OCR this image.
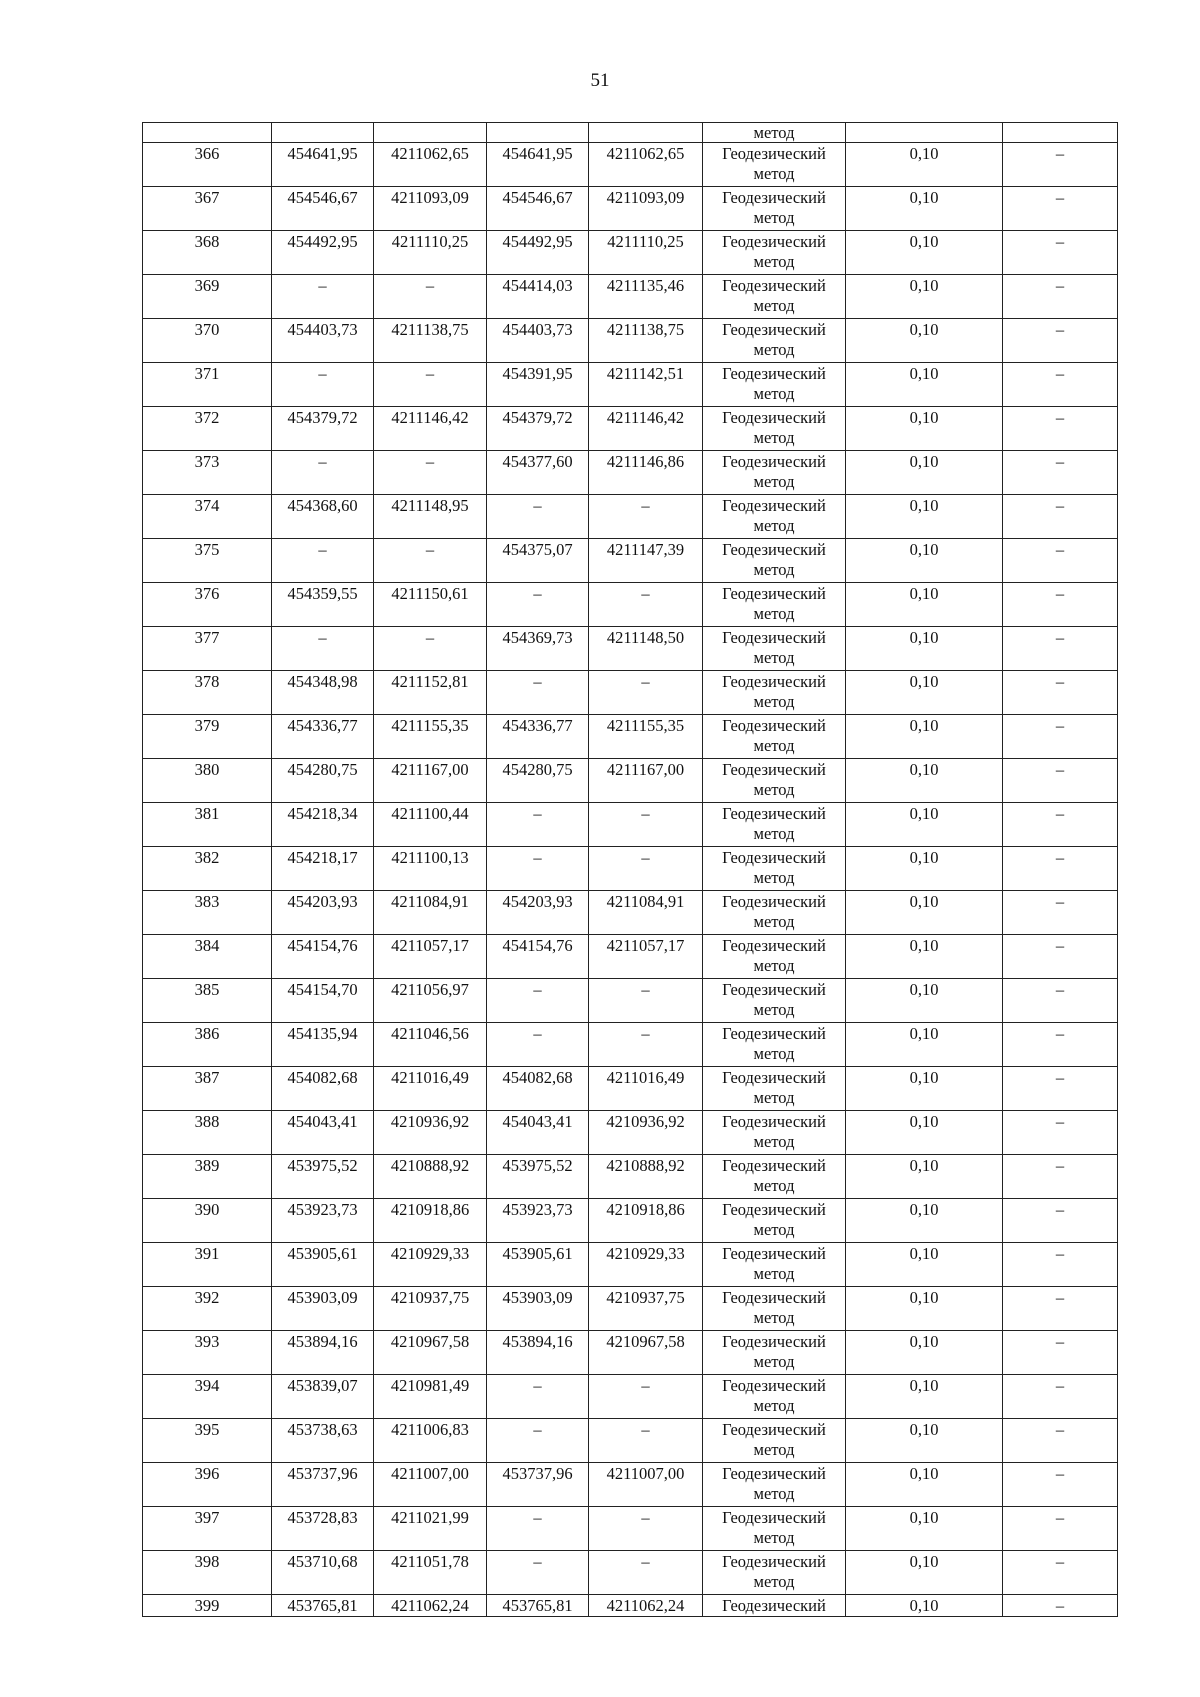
51
					метод		
366	454641,95	4211062,65	454641,95	4211062,65	Геодезический
метод	0,10	–
367	454546,67	4211093,09	454546,67	4211093,09	Геодезический
метод	0,10	–
368	454492,95	4211110,25	454492,95	4211110,25	Геодезический
метод	0,10	–
369	–	–	454414,03	4211135,46	Геодезический
метод	0,10	–
370	454403,73	4211138,75	454403,73	4211138,75	Геодезический
метод	0,10	–
371	–	–	454391,95	4211142,51	Геодезический
метод	0,10	–
372	454379,72	4211146,42	454379,72	4211146,42	Геодезический
метод	0,10	–
373	–	–	454377,60	4211146,86	Геодезический
метод	0,10	–
374	454368,60	4211148,95	–	–	Геодезический
метод	0,10	–
375	–	–	454375,07	4211147,39	Геодезический
метод	0,10	–
376	454359,55	4211150,61	–	–	Геодезический
метод	0,10	–
377	–	–	454369,73	4211148,50	Геодезический
метод	0,10	–
378	454348,98	4211152,81	–	–	Геодезический
метод	0,10	–
379	454336,77	4211155,35	454336,77	4211155,35	Геодезический
метод	0,10	–
380	454280,75	4211167,00	454280,75	4211167,00	Геодезический
метод	0,10	–
381	454218,34	4211100,44	–	–	Геодезический
метод	0,10	–
382	454218,17	4211100,13	–	–	Геодезический
метод	0,10	–
383	454203,93	4211084,91	454203,93	4211084,91	Геодезический
метод	0,10	–
384	454154,76	4211057,17	454154,76	4211057,17	Геодезический
метод	0,10	–
385	454154,70	4211056,97	–	–	Геодезический
метод	0,10	–
386	454135,94	4211046,56	–	–	Геодезический
метод	0,10	–
387	454082,68	4211016,49	454082,68	4211016,49	Геодезический
метод	0,10	–
388	454043,41	4210936,92	454043,41	4210936,92	Геодезический
метод	0,10	–
389	453975,52	4210888,92	453975,52	4210888,92	Геодезический
метод	0,10	–
390	453923,73	4210918,86	453923,73	4210918,86	Геодезический
метод	0,10	–
391	453905,61	4210929,33	453905,61	4210929,33	Геодезический
метод	0,10	–
392	453903,09	4210937,75	453903,09	4210937,75	Геодезический
метод	0,10	–
393	453894,16	4210967,58	453894,16	4210967,58	Геодезический
метод	0,10	–
394	453839,07	4210981,49	–	–	Геодезический
метод	0,10	–
395	453738,63	4211006,83	–	–	Геодезический
метод	0,10	–
396	453737,96	4211007,00	453737,96	4211007,00	Геодезический
метод	0,10	–
397	453728,83	4211021,99	–	–	Геодезический
метод	0,10	–
398	453710,68	4211051,78	–	–	Геодезический
метод	0,10	–
399	453765,81	4211062,24	453765,81	4211062,24	Геодезический	0,10	–
